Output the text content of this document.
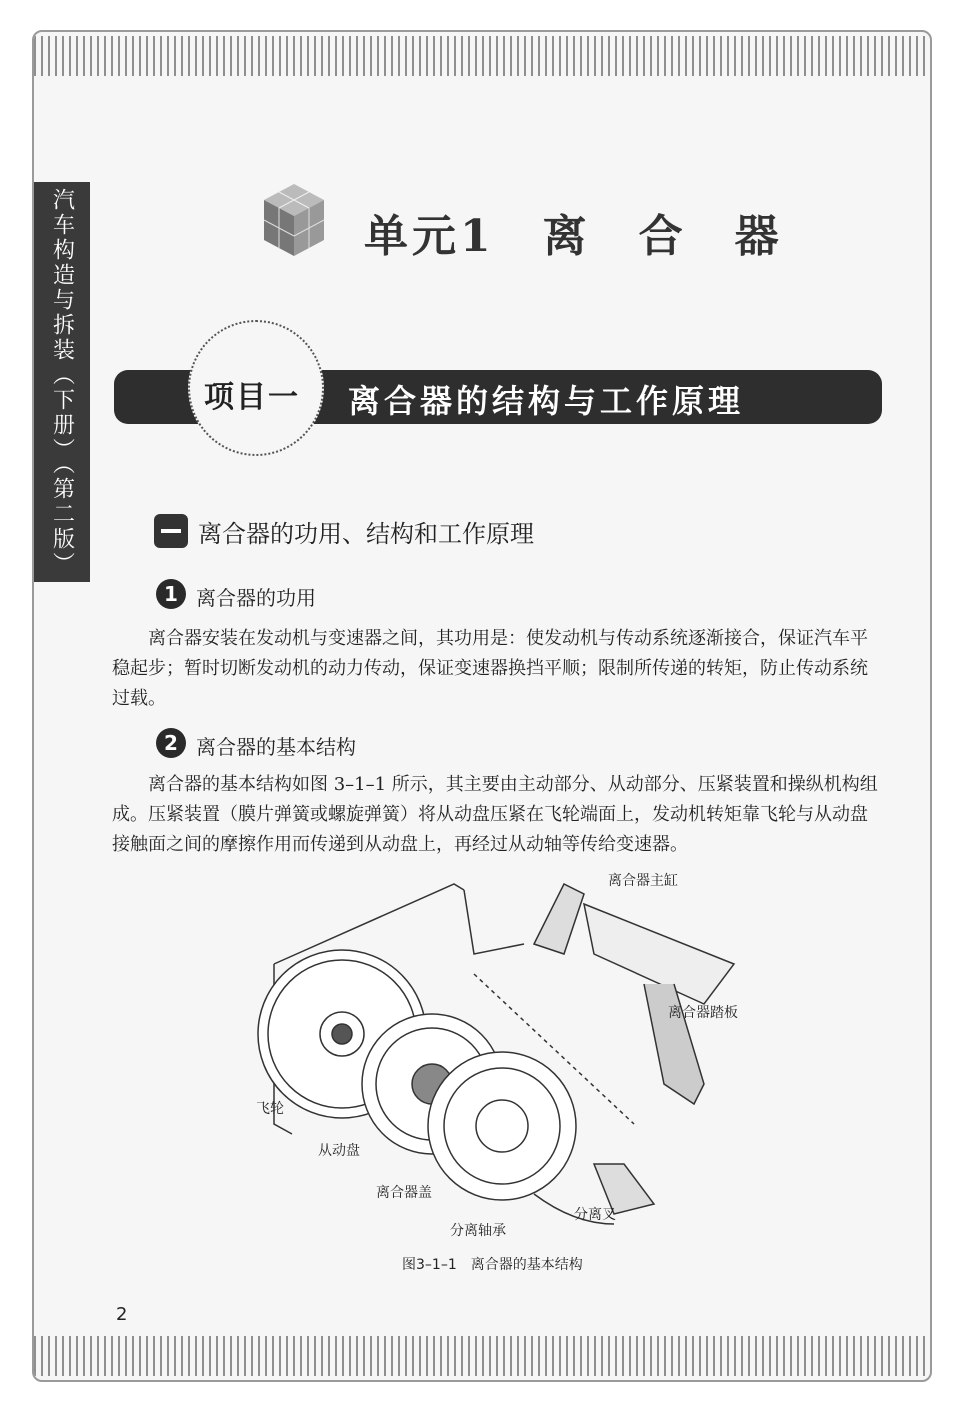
汽车构造与拆装（下册）（第二版）	单元1　离　合　器
项目一 离合器的结构与工作原理
离合器的功用、结构和工作原理
1 离合器的功用

离合器安装在发动机与变速器之间，其功用是：使发动机与传动系统逐渐接合，保证汽车平稳起步；暂时切断发动机的动力传动，保证变速器换挡平顺；限制所传递的转矩，防止传动系统过载。

2 离合器的基本结构

离合器的基本结构如图 3–1–1 所示，其主要由主动部分、从动部分、压紧装置和操纵机构组成。压紧装置（膜片弹簧或螺旋弹簧）将从动盘压紧在飞轮端面上，发动机转矩靠飞轮与从动盘接触面之间的摩擦作用而传递到从动盘上，再经过从动轴等传给变速器。

离合器主缸
离合器踏板
飞轮
从动盘
离合器盖
分离轴承
分离叉
图3–1–1　离合器的基本结构
2
